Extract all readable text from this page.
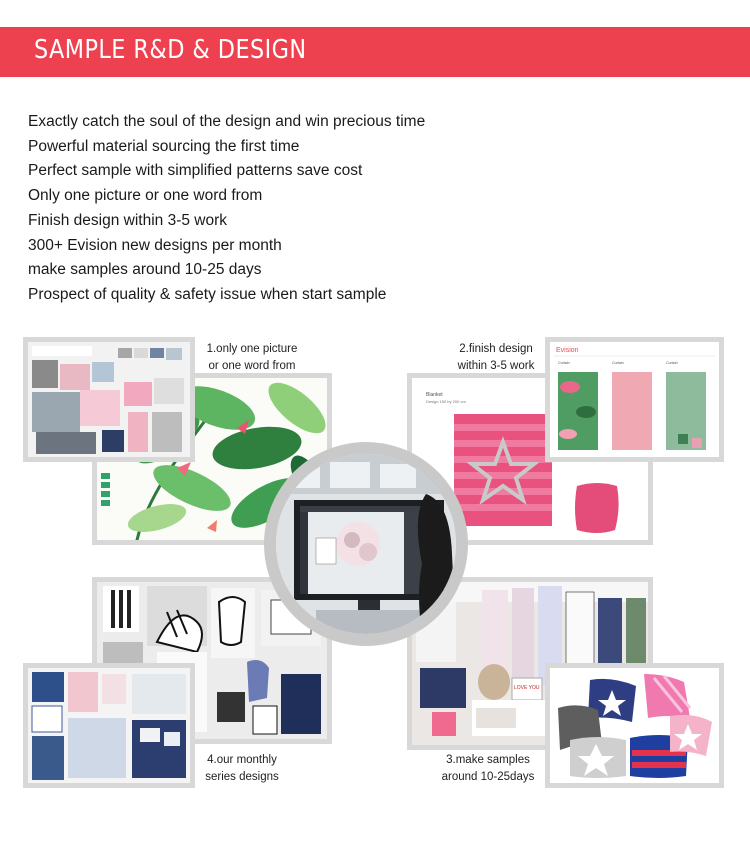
SAMPLE R&D & DESIGN
Exactly catch the soul of the design and win precious time
Powerful material sourcing the first time
Perfect sample with simplified patterns save cost
Only one picture or one word from
Finish design within 3-5 work
300+ Evision new designs per month
make samples around 10-25 days
Prospect of quality & safety issue when start sample
1.only one picture
or one word from
Blanket
Design 150 by 200 cm
Evision
Curtain	Curtain	Curtain
2.finish design
within 3-5 work
4.our monthly
series designs
LOVE YOU
3.make samples
around 10-25days
